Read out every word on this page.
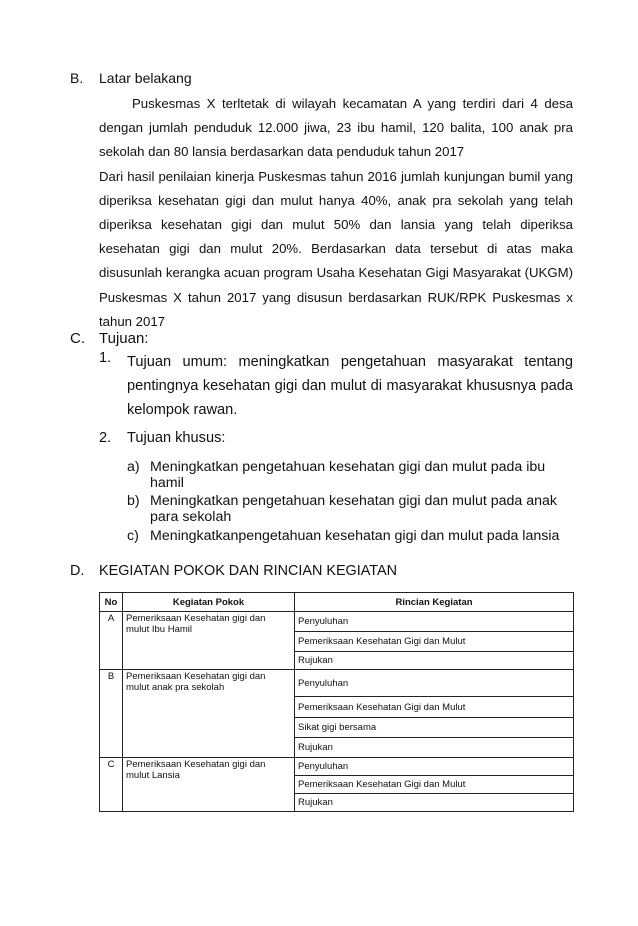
B. Latar belakang

Puskesmas X terltetak di wilayah kecamatan A yang terdiri dari 4 desa dengan jumlah penduduk 12.000 jiwa, 23 ibu hamil, 120 balita, 100 anak pra sekolah dan 80 lansia berdasarkan data penduduk tahun 2017

Dari hasil penilaian kinerja Puskesmas tahun 2016 jumlah kunjungan bumil yang diperiksa kesehatan gigi dan mulut hanya 40%, anak pra sekolah yang telah diperiksa kesehatan gigi dan mulut 50% dan lansia yang telah diperiksa kesehatan gigi dan mulut 20%. Berdasarkan data tersebut di atas maka disusunlah kerangka acuan program Usaha Kesehatan Gigi Masyarakat (UKGM) Puskesmas X tahun 2017 yang disusun berdasarkan RUK/RPK Puskesmas x tahun 2017

C. Tujuan:
1. Tujuan umum: meningkatkan pengetahuan masyarakat tentang pentingnya kesehatan gigi dan mulut di masyarakat khususnya pada kelompok rawan.
2. Tujuan khusus:
a) Meningkatkan pengetahuan kesehatan gigi dan mulut pada ibu hamil
b) Meningkatkan pengetahuan kesehatan gigi dan mulut pada anak para sekolah
c) Meningkatkanpengetahuan kesehatan gigi dan mulut pada lansia
D. KEGIATAN POKOK DAN RINCIAN KEGIATAN
No	Kegiatan Pokok	Rincian Kegiatan
A	Pemeriksaan Kesehatan gigi dan mulut Ibu Hamil	Penyuluhan
		Pemeriksaan Kesehatan Gigi dan Mulut
		Rujukan
B	Pemeriksaan Kesehatan gigi dan mulut anak pra sekolah	Penyuluhan
		Pemeriksaan Kesehatan Gigi dan Mulut
		Sikat gigi bersama
		Rujukan
C	Pemeriksaan Kesehatan gigi dan mulut Lansia	Penyuluhan
		Pemeriksaan Kesehatan Gigi dan Mulut
		Rujukan
